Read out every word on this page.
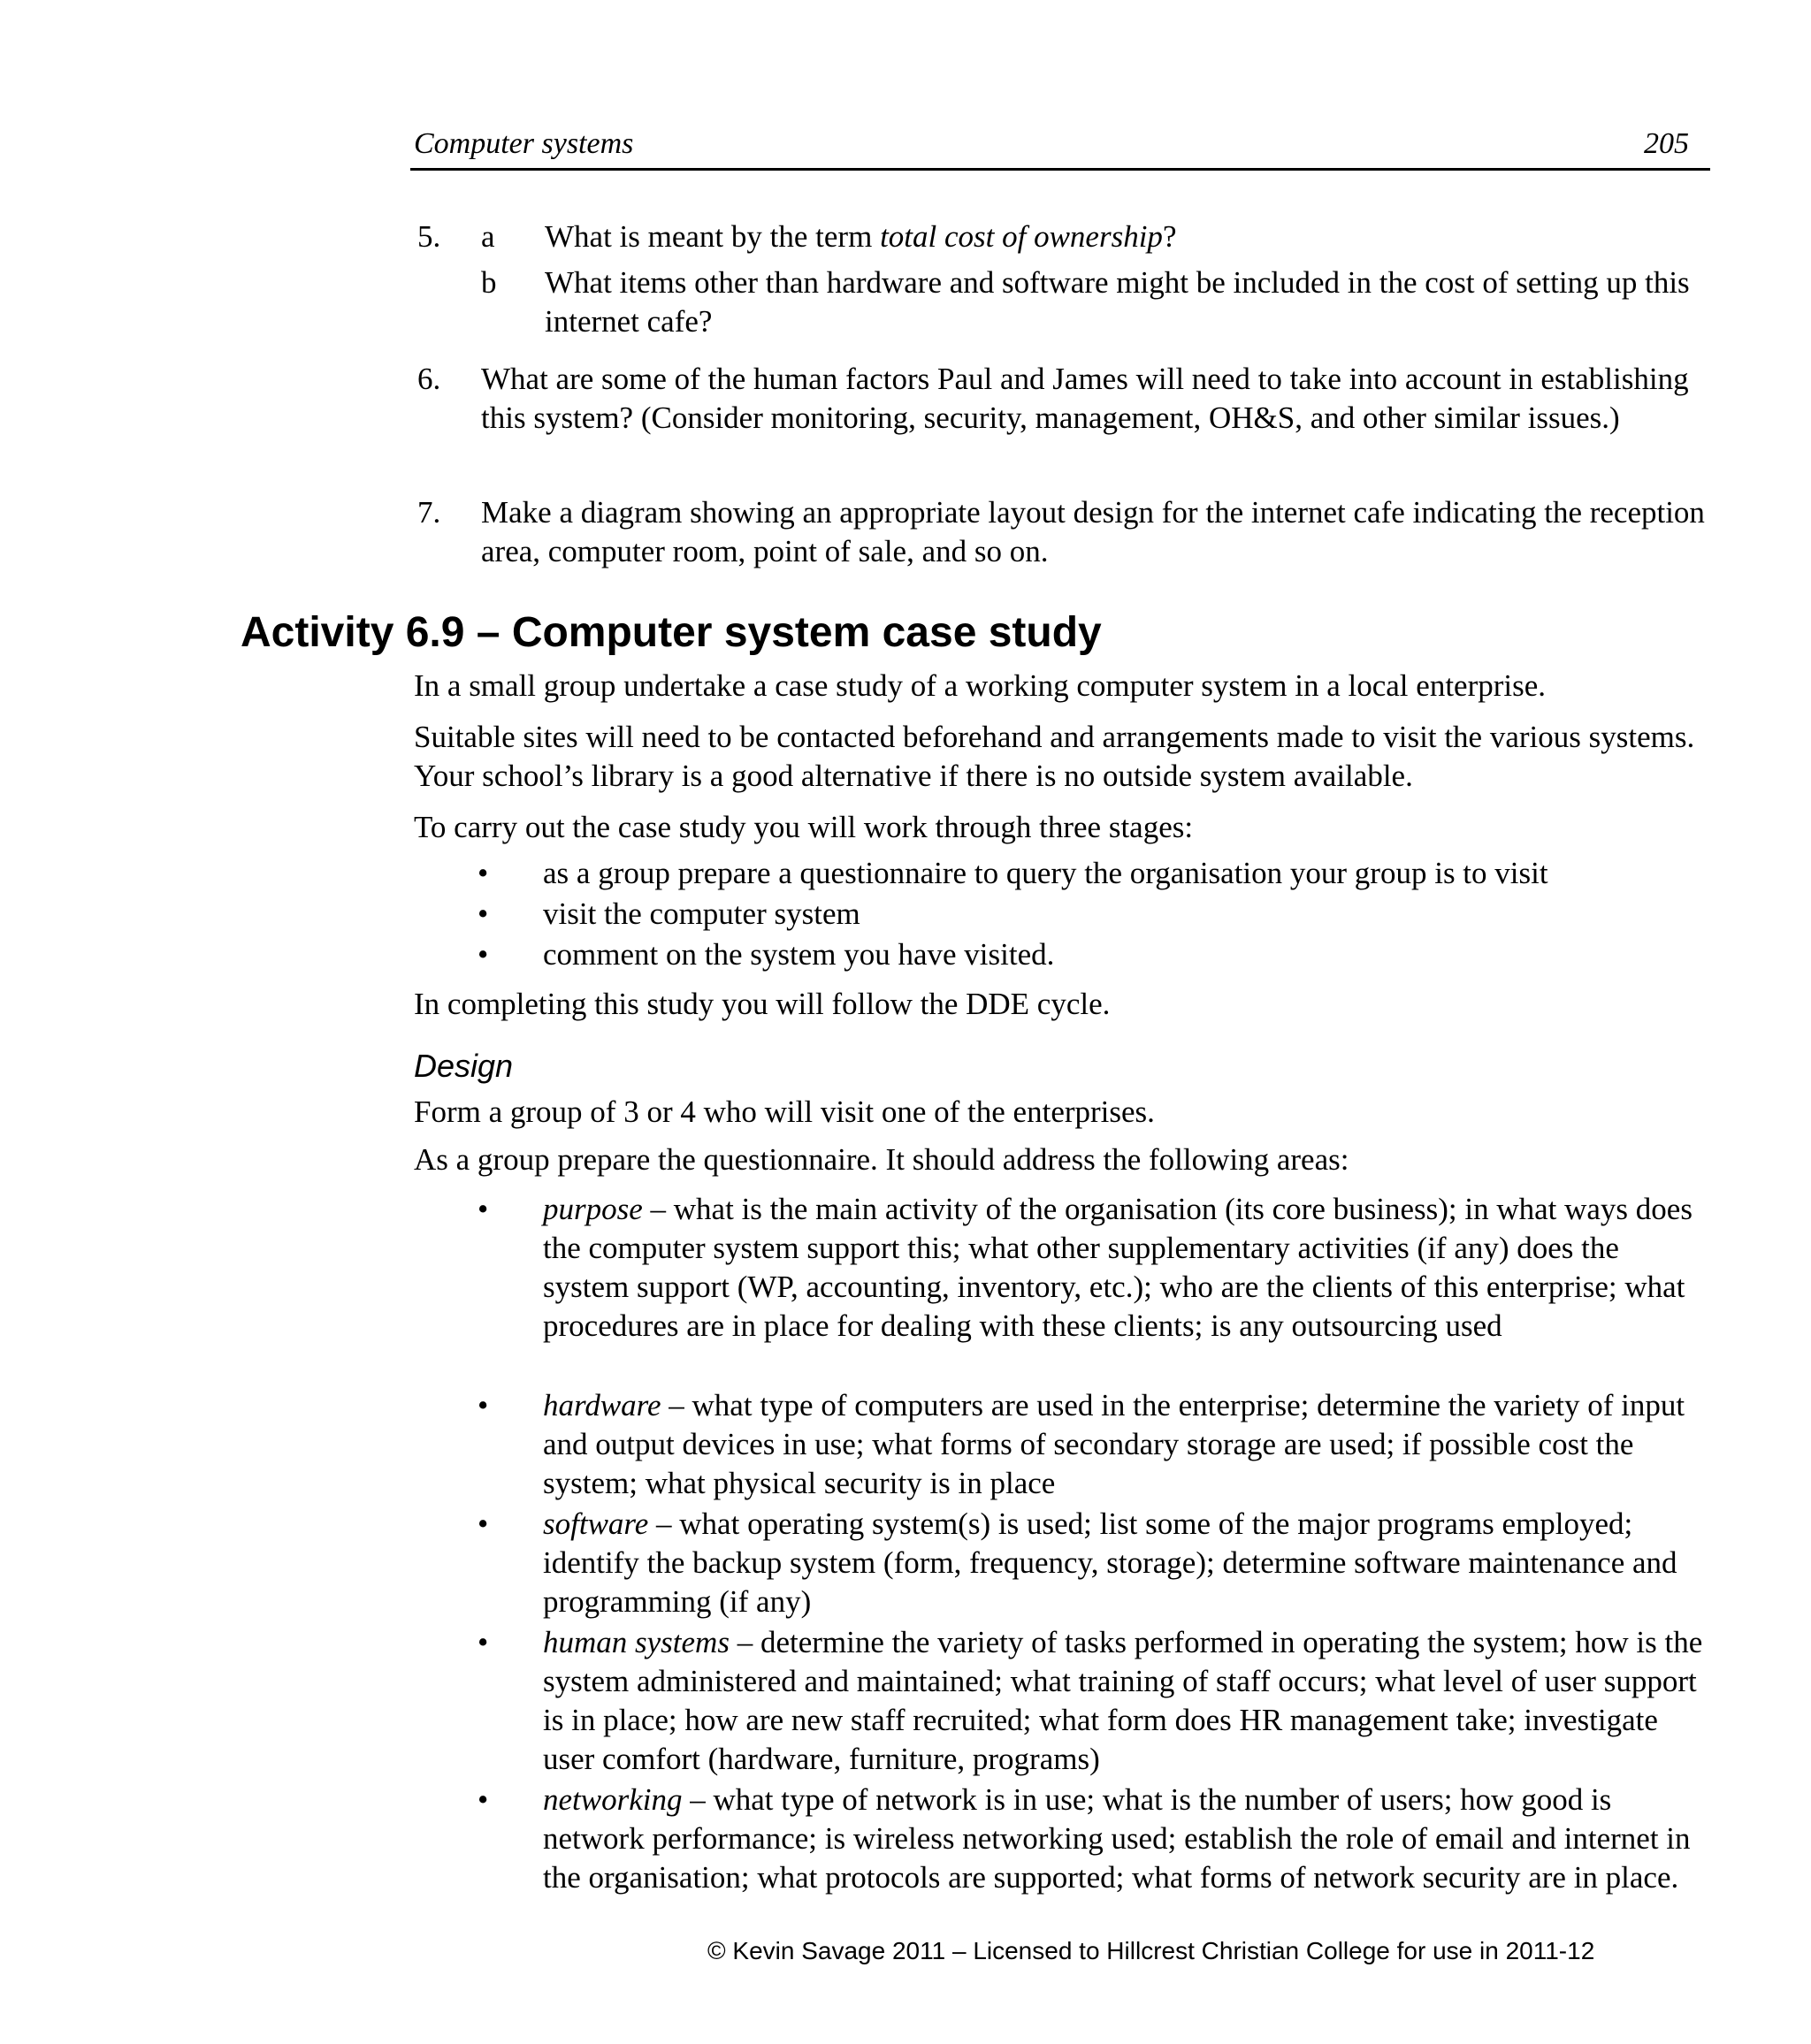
Computer systems	205
5. a What is meant by the term total cost of ownership?
b What items other than hardware and software might be included in the cost of setting up this internet cafe?
6. What are some of the human factors Paul and James will need to take into account in establishing this system? (Consider monitoring, security, management, OH&S, and other similar issues.)
7. Make a diagram showing an appropriate layout design for the internet cafe indicating the reception area, computer room, point of sale, and so on.
Activity 6.9 – Computer system case study
In a small group undertake a case study of a working computer system in a local enterprise.
Suitable sites will need to be contacted beforehand and arrangements made to visit the various systems. Your school’s library is a good alternative if there is no outside system available.
To carry out the case study you will work through three stages:
• as a group prepare a questionnaire to query the organisation your group is to visit
• visit the computer system
• comment on the system you have visited.
In completing this study you will follow the DDE cycle.
Design
Form a group of 3 or 4 who will visit one of the enterprises.
As a group prepare the questionnaire. It should address the following areas:
• purpose – what is the main activity of the organisation (its core business); in what ways does the computer system support this; what other supplementary activities (if any) does the system support (WP, accounting, inventory, etc.); who are the clients of this enterprise; what procedures are in place for dealing with these clients; is any outsourcing used
• hardware – what type of computers are used in the enterprise; determine the variety of input and output devices in use; what forms of secondary storage are used; if possible cost the system; what physical security is in place
• software – what operating system(s) is used; list some of the major programs employed; identify the backup system (form, frequency, storage); determine software maintenance and programming (if any)
• human systems – determine the variety of tasks performed in operating the system; how is the system administered and maintained; what training of staff occurs; what level of user support is in place; how are new staff recruited; what form does HR management take; investigate user comfort (hardware, furniture, programs)
• networking – what type of network is in use; what is the number of users; how good is network performance; is wireless networking used; establish the role of email and internet in the organisation; what protocols are supported; what forms of network security are in place.
© Kevin Savage 2011 – Licensed to Hillcrest Christian College for use in 2011-12
